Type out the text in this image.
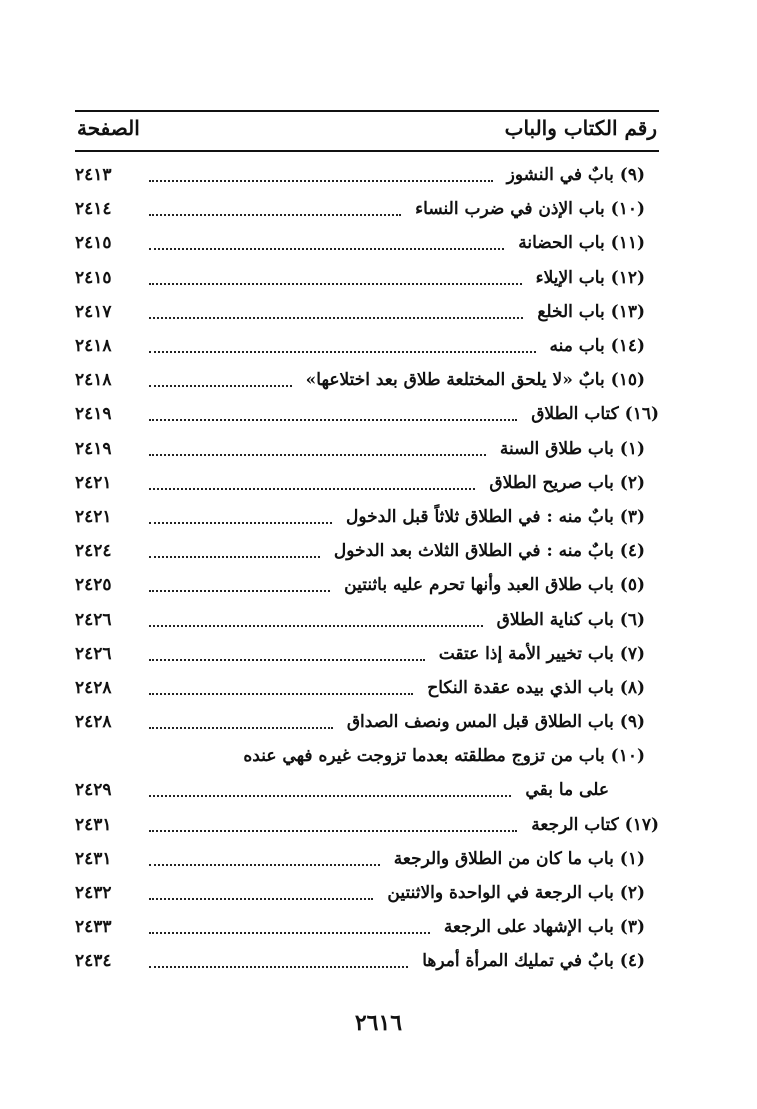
رقم الكتاب والباب
الصفحة
(٩) بابٌ في النشوز
٢٤١٣
(١٠) باب الإذن في ضرب النساء
٢٤١٤
(١١) باب الحضانة
٢٤١٥
(١٢) باب الإيلاء
٢٤١٥
(١٣) باب الخلع
٢٤١٧
(١٤) باب منه
٢٤١٨
(١٥) بابٌ «لا يلحق المختلعة طلاق بعد اختلاعها»
٢٤١٨
(١٦) كتاب الطلاق
٢٤١٩
(١) باب طلاق السنة
٢٤١٩
(٢) باب صريح الطلاق
٢٤٢١
(٣) بابٌ منه : في الطلاق ثلاثاً قبل الدخول
٢٤٢١
(٤) بابٌ منه : في الطلاق الثلاث بعد الدخول
٢٤٢٤
(٥) باب طلاق العبد وأنها تحرم عليه باثنتين
٢٤٢٥
(٦) باب كناية الطلاق
٢٤٢٦
(٧) باب تخيير الأمة إذا عتقت
٢٤٢٦
(٨) باب الذي بيده عقدة النكاح
٢٤٢٨
(٩) باب الطلاق قبل المس ونصف الصداق
٢٤٢٨
(١٠) باب من تزوج مطلقته بعدما تزوجت غيره فهي عنده
على ما بقي
٢٤٢٩
(١٧) كتاب الرجعة
٢٤٣١
(١) باب ما كان من الطلاق والرجعة
٢٤٣١
(٢) باب الرجعة في الواحدة والاثنتين
٢٤٣٢
(٣) باب الإشهاد على الرجعة
٢٤٣٣
(٤) بابٌ في تمليك المرأة أمرها
٢٤٣٤
٢٦١٦
